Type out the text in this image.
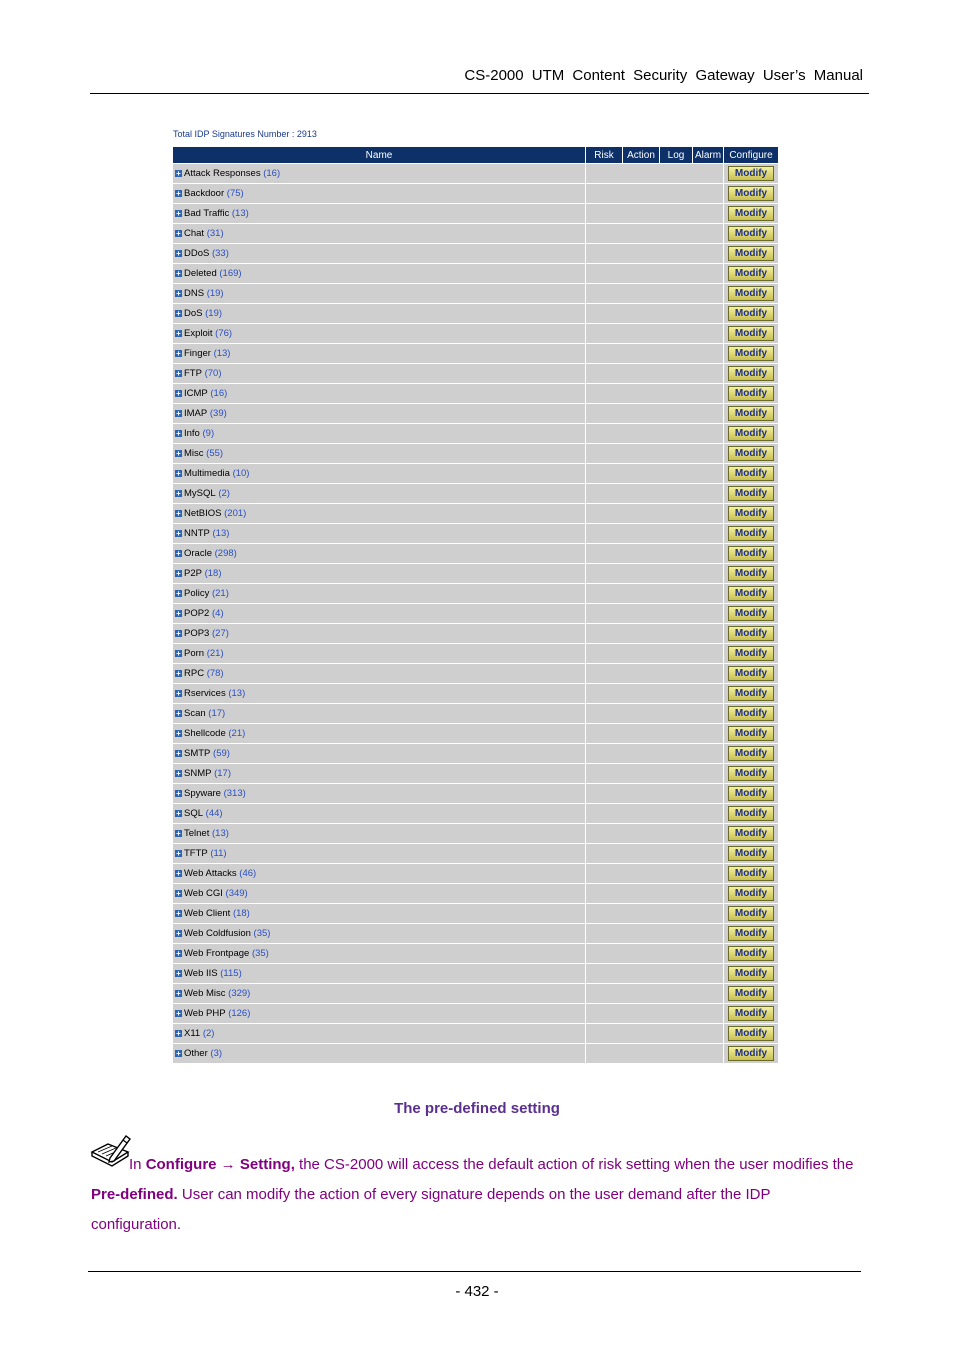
CS-2000 UTM Content Security Gateway User’s Manual
Total IDP Signatures Number : 2913
Name	Risk	Action	Log	Alarm	Configure
+ Attack Responses (16)					Modify

+ Backdoor (75)					Modify

+ Bad Traffic (13)					Modify

+ Chat (31)					Modify

+ DDoS (33)					Modify

+ Deleted (169)					Modify

+ DNS (19)					Modify

+ DoS (19)					Modify

+ Exploit (76)					Modify

+ Finger (13)					Modify

+ FTP (70)					Modify

+ ICMP (16)					Modify

+ IMAP (39)					Modify

+ Info (9)					Modify

+ Misc (55)					Modify

+ Multimedia (10)					Modify

+ MySQL (2)					Modify

+ NetBIOS (201)					Modify

+ NNTP (13)					Modify

+ Oracle (298)					Modify

+ P2P (18)					Modify

+ Policy (21)					Modify

+ POP2 (4)					Modify

+ POP3 (27)					Modify

+ Porn (21)					Modify

+ RPC (78)					Modify

+ Rservices (13)					Modify

+ Scan (17)					Modify

+ Shellcode (21)					Modify

+ SMTP (59)					Modify

+ SNMP (17)					Modify

+ Spyware (313)					Modify

+ SQL (44)					Modify

+ Telnet (13)					Modify

+ TFTP (11)					Modify

+ Web Attacks (46)					Modify

+ Web CGI (349)					Modify

+ Web Client (18)					Modify

+ Web Coldfusion (35)					Modify

+ Web Frontpage (35)					Modify

+ Web IIS (115)					Modify

+ Web Misc (329)					Modify

+ Web PHP (126)					Modify

+ X11 (2)					Modify

+ Other (3)					Modify
The pre-defined setting
In Configure → Setting, the CS-2000 will access the default action of risk setting when the user modifies the Pre-defined. User can modify the action of every signature depends on the user demand after the IDP configuration.
- 432 -
